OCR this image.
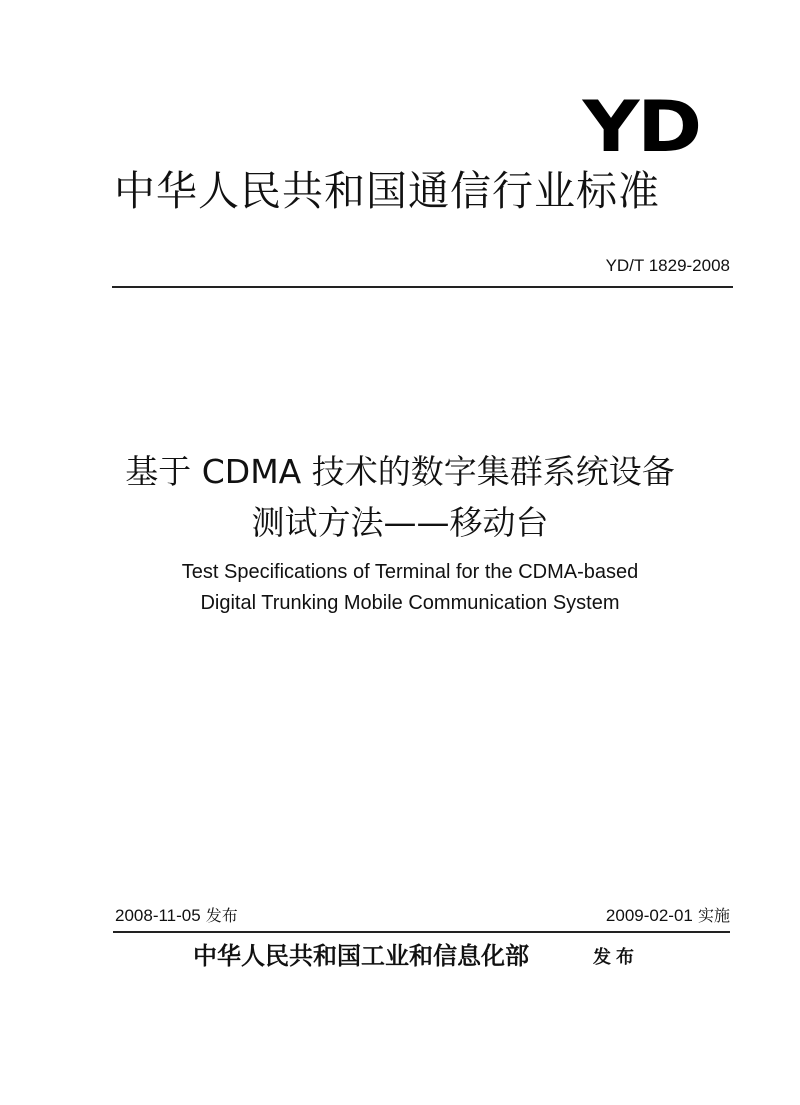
YD
中华人民共和国通信行业标准
YD/T 1829-2008
基于 CDMA 技术的数字集群系统设备
测试方法——移动台
Test Specifications of Terminal for the CDMA-based
Digital Trunking Mobile Communication System
2008-11-05 发布	2009-02-01 实施
中华人民共和国工业和信息化部	发布
